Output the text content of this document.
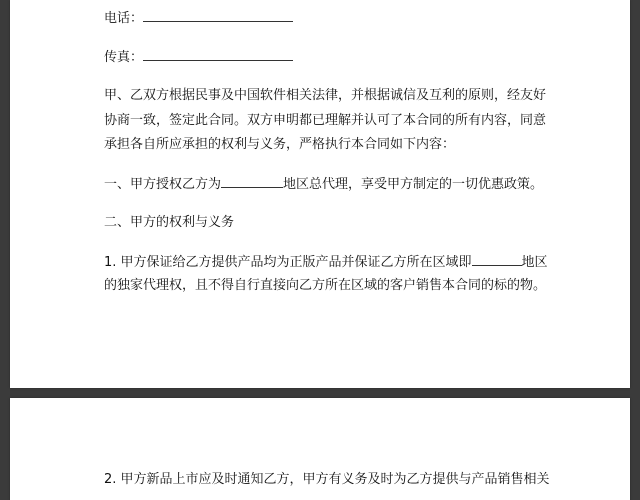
电话：
传真：
甲、乙双方根据民事及中国软件相关法律，并根据诚信及互利的原则，经友好
协商一致，签定此合同。双方申明都已理解并认可了本合同的所有内容，同意
承担各自所应承担的权利与义务，严格执行本合同如下内容：
一、甲方授权乙方为	地区总代理，享受甲方制定的一切优惠政策。
二、甲方的权利与义务
1. 甲方保证给乙方提供产品均为正版产品并保证乙方所在区域即	地区
的独家代理权，且不得自行直接向乙方所在区域的客户销售本合同的标的物。
2. 甲方新品上市应及时通知乙方，甲方有义务及时为乙方提供与产品销售相关
